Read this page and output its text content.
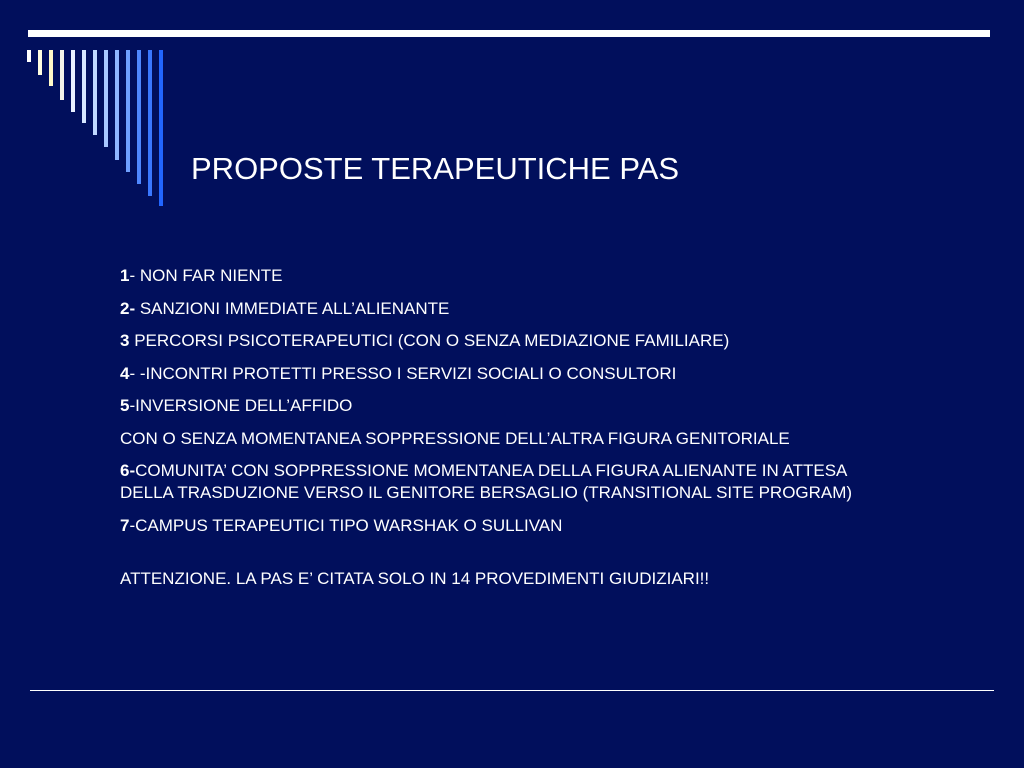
PROPOSTE TERAPEUTICHE PAS
1- NON FAR NIENTE
2- SANZIONI IMMEDIATE ALL’ALIENANTE
3 PERCORSI PSICOTERAPEUTICI (CON O SENZA MEDIAZIONE FAMILIARE)
4- -INCONTRI PROTETTI PRESSO I SERVIZI SOCIALI O CONSULTORI
5-INVERSIONE DELL’AFFIDO
CON O SENZA MOMENTANEA SOPPRESSIONE DELL’ALTRA FIGURA GENITORIALE
6-COMUNITA’ CON SOPPRESSIONE MOMENTANEA DELLA FIGURA ALIENANTE IN ATTESA DELLA TRASDUZIONE VERSO IL GENITORE BERSAGLIO (TRANSITIONAL SITE PROGRAM)
7-CAMPUS TERAPEUTICI TIPO WARSHAK O SULLIVAN
ATTENZIONE. LA PAS E’ CITATA SOLO IN 14 PROVEDIMENTI GIUDIZIARI!!
